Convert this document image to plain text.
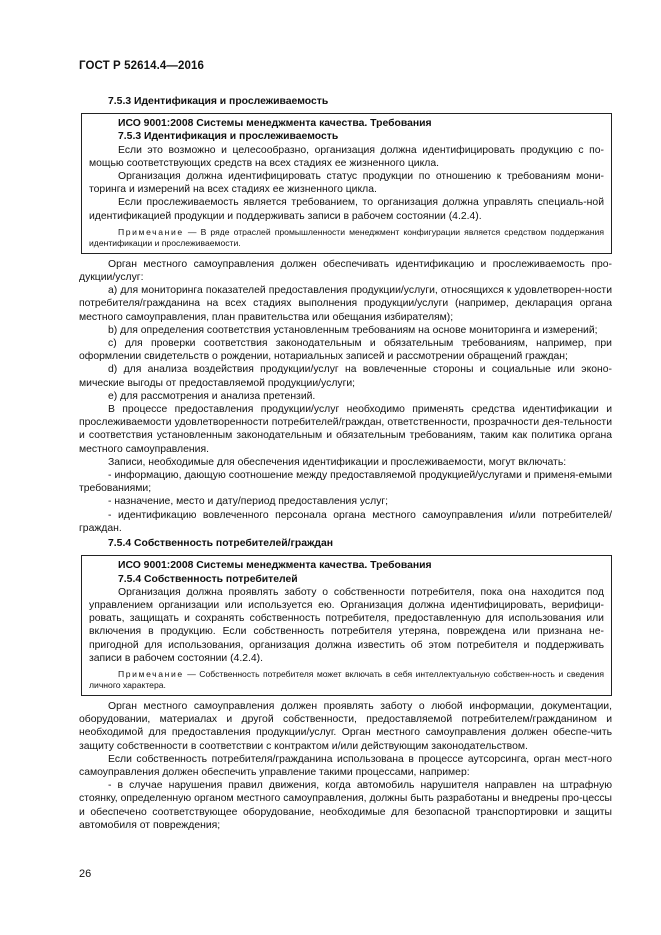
ГОСТ Р 52614.4—2016

7.5.3 Идентификация и прослеживаемость

ИСО 9001:2008 Системы менеджмента качества. Требования

7.5.3 Идентификация и прослеживаемость

Если это возможно и целесообразно, организация должна идентифицировать продукцию с по-мощью соответствующих средств на всех стадиях ее жизненного цикла.

Организация должна идентифицировать статус продукции по отношению к требованиям мони-торинга и измерений на всех стадиях ее жизненного цикла.

Если прослеживаемость является требованием, то организация должна управлять специаль-ной идентификацией продукции и поддерживать записи в рабочем состоянии (4.2.4).

Примечание — В ряде отраслей промышленности менеджмент конфигурации является средством поддержания идентификации и прослеживаемости.

Орган местного самоуправления должен обеспечивать идентификацию и прослеживаемость про-дукции/услуг:

а) для мониторинга показателей предоставления продукции/услуги, относящихся к удовлетворен-ности потребителя/гражданина на всех стадиях выполнения продукции/услуги (например, декларация органа местного самоуправления, план правительства или обещания избирателям);

b) для определения соответствия установленным требованиям на основе мониторинга и измерений;

c) для проверки соответствия законодательным и обязательным требованиям, например, при оформлении свидетельств о рождении, нотариальных записей и рассмотрении обращений граждан;

d) для анализа воздействия продукции/услуг на вовлеченные стороны и социальные или эконо-мические выгоды от предоставляемой продукции/услуги;

е) для рассмотрения и анализа претензий.

В процессе предоставления продукции/услуг необходимо применять средства идентификации и прослеживаемости удовлетворенности потребителей/граждан, ответственности, прозрачности дея-тельности и соответствия установленным законодательным и обязательным требованиям, таким как политика органа местного самоуправления.

Записи, необходимые для обеспечения идентификации и прослеживаемости, могут включать:

- информацию, дающую соотношение между предоставляемой продукцией/услугами и применя-емыми требованиями;

- назначение, место и дату/период предоставления услуг;

- идентификацию вовлеченного персонала органа местного самоуправления и/или потребителей/граждан.

7.5.4 Собственность потребителей/граждан

ИСО 9001:2008 Системы менеджмента качества. Требования

7.5.4 Собственность потребителей

Организация должна проявлять заботу о собственности потребителя, пока она находится под управлением организации или используется ею. Организация должна идентифицировать, верифици-ровать, защищать и сохранять собственность потребителя, предоставленную для использования или включения в продукцию. Если собственность потребителя утеряна, повреждена или признана не-пригодной для использования, организация должна известить об этом потребителя и поддерживать записи в рабочем состоянии (4.2.4).

Примечание — Собственность потребителя может включать в себя интеллектуальную собствен-ность и сведения личного характера.

Орган местного самоуправления должен проявлять заботу о любой информации, документации, оборудовании, материалах и другой собственности, предоставляемой потребителем/гражданином и необходимой для предоставления продукции/услуг. Орган местного самоуправления должен обеспе-чить защиту собственности в соответствии с контрактом и/или действующим законодательством.

Если собственность потребителя/гражданина использована в процессе аутсорсинга, орган мест-ного самоуправления должен обеспечить управление такими процессами, например:

- в случае нарушения правил движения, когда автомобиль нарушителя направлен на штрафную стоянку, определенную органом местного самоуправления, должны быть разработаны и внедрены про-цессы и обеспечено соответствующее оборудование, необходимые для безопасной транспортировки и защиты автомобиля от повреждения;

26
